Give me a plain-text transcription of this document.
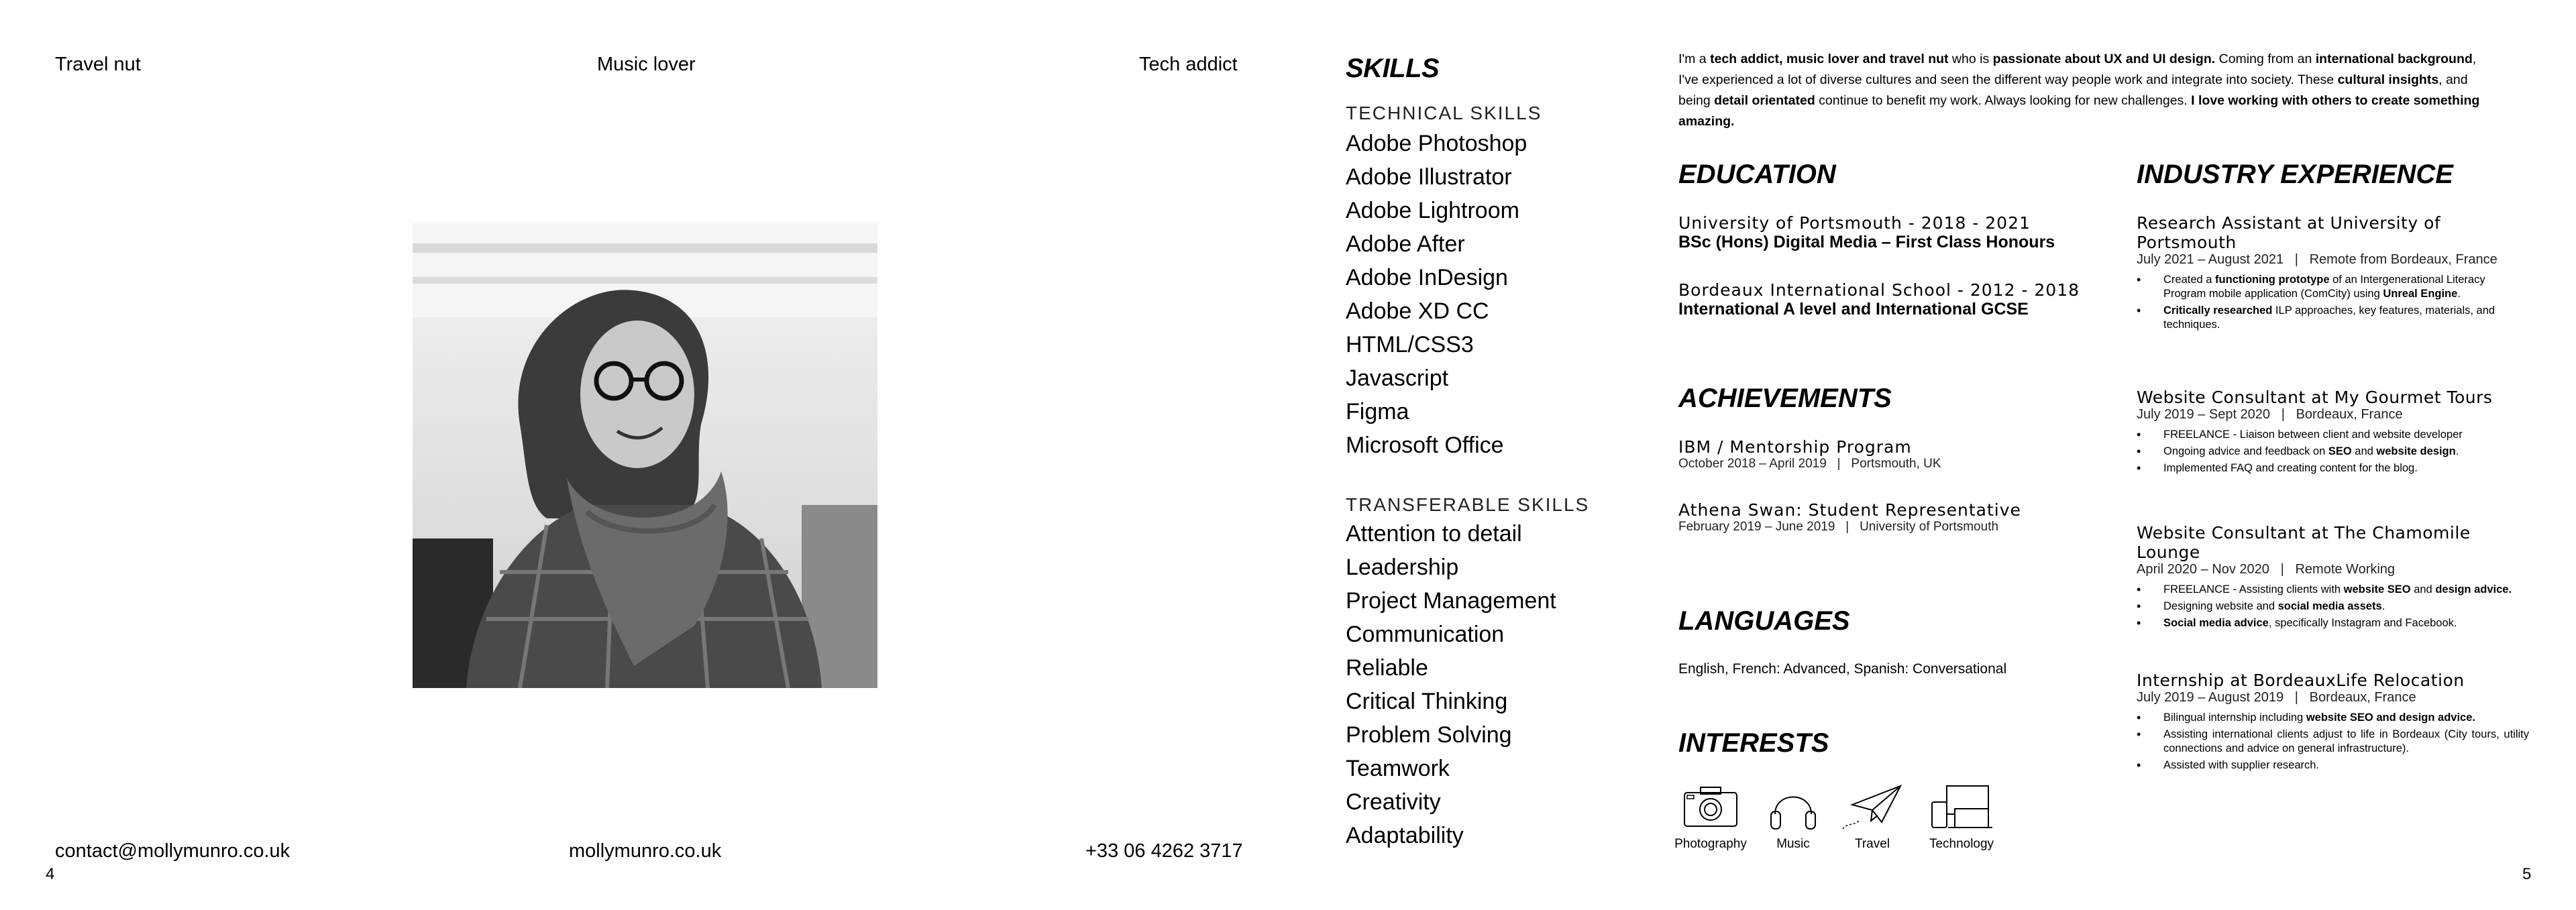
Travel nut	Music lover	Tech addict
contact@mollymunro.co.uk	mollymunro.co.uk	+33 06 4262 3717
4
SKILLS
TECHNICAL SKILLS
Adobe Photoshop
Adobe Illustrator
Adobe Lightroom
Adobe After
Adobe InDesign
Adobe XD CC
HTML/CSS3
Javascript
Figma
Microsoft Office
TRANSFERABLE SKILLS
Attention to detail
Leadership
Project Management
Communication
Reliable
Critical Thinking
Problem Solving
Teamwork
Creativity
Adaptability
I'm a tech addict, music lover and travel nut who is passionate about UX and UI design. Coming from an international background, I've experienced a lot of diverse cultures and seen the different way people work and integrate into society. These cultural insights, and being detail orientated continue to benefit my work. Always looking for new challenges. I love working with others to create something amazing.
EDUCATION
University of Portsmouth - 2018 - 2021
BSc (Hons) Digital Media – First Class Honours
Bordeaux International School - 2012 - 2018
International A level and International GCSE
ACHIEVEMENTS
IBM / Mentorship Program
October 2018 – April 2019 | Portsmouth, UK
Athena Swan: Student Representative
February 2019 – June 2019 | University of Portsmouth
LANGUAGES
English, French: Advanced, Spanish: Conversational
INTERESTS
Photography	Music	Travel	Technology
INDUSTRY EXPERIENCE
Research Assistant at University of Portsmouth
July 2021 – August 2021 | Remote from Bordeaux, France
• Created a functioning prototype of an Intergenerational Literacy Program mobile application (ComCity) using Unreal Engine.
• Critically researched ILP approaches, key features, materials, and techniques.
Website Consultant at My Gourmet Tours
July 2019 – Sept 2020 | Bordeaux, France
• FREELANCE - Liaison between client and website developer
• Ongoing advice and feedback on SEO and website design.
• Implemented FAQ and creating content for the blog.
Website Consultant at The Chamomile Lounge
April 2020 – Nov 2020 | Remote Working
• FREELANCE - Assisting clients with website SEO and design advice.
• Designing website and social media assets.
• Social media advice, specifically Instagram and Facebook.
Internship at BordeauxLife Relocation
July 2019 – August 2019 | Bordeaux, France
• Bilingual internship including website SEO and design advice.
• Assisting international clients adjust to life in Bordeaux (City tours, utility connections and advice on general infrastructure).
• Assisted with supplier research.
5
